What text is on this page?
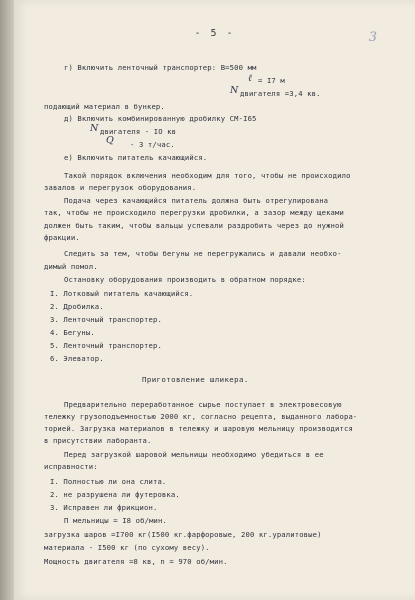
- 5 -	3
г) Включить ленточный транспортер: B=500 мм
ℓ = I7 м
N двигателя =3,4 кв.
подающий материал в бункер.
д) Включить комбинированную дробилку СМ-I65
N двигателя - IO кв
Q - 3 т/час.
е) Включить питатель качающийся.
Такой порядок включения необходим для того, чтобы не происходило
завалов и перегрузок оборудования.
Подача через качающийся питатель должна быть отрегулирована
так, чтобы не происходило перегрузки дробилки, а зазор между щеками
должен быть таким, чтобы вальцы успевали раздробить через до нужной
фракции.
Следить за тем, чтобы бегуны не перегружались и давали необхо-
димый помол.
Остановку оборудования производить в обратном порядке:
I. Лотковый питатель качающийся.
2. Дробилка.
3. Ленточный транспортер.
4. Бегуны.
5. Ленточный транспортер.
6. Элеватор.
Приготовление шликера.
Предварительно переработанное сырье поступает в электровесовую
тележку грузоподъемностью 2000 кг, согласно рецепта, выданного лабора-
торией. Загрузка материалов в тележку и шаровую мельницу производится
в присутствии лаборанта.
Перед загрузкой шаровой мельницы необходимо убедиться в ее
исправности:
I. Полностью ли она слита.
2. не разрушена ли футеровка.
3. Исправен ли фрикцион.
П мельницы = I8 об/мин.
загрузка шаров =I700 кг(I500 кг.фарфоровые, 200 кг.уралитовые)
материала - I500 кг (по сухому весу).
Мощность двигателя =8 кв, n = 970 об/мин.
